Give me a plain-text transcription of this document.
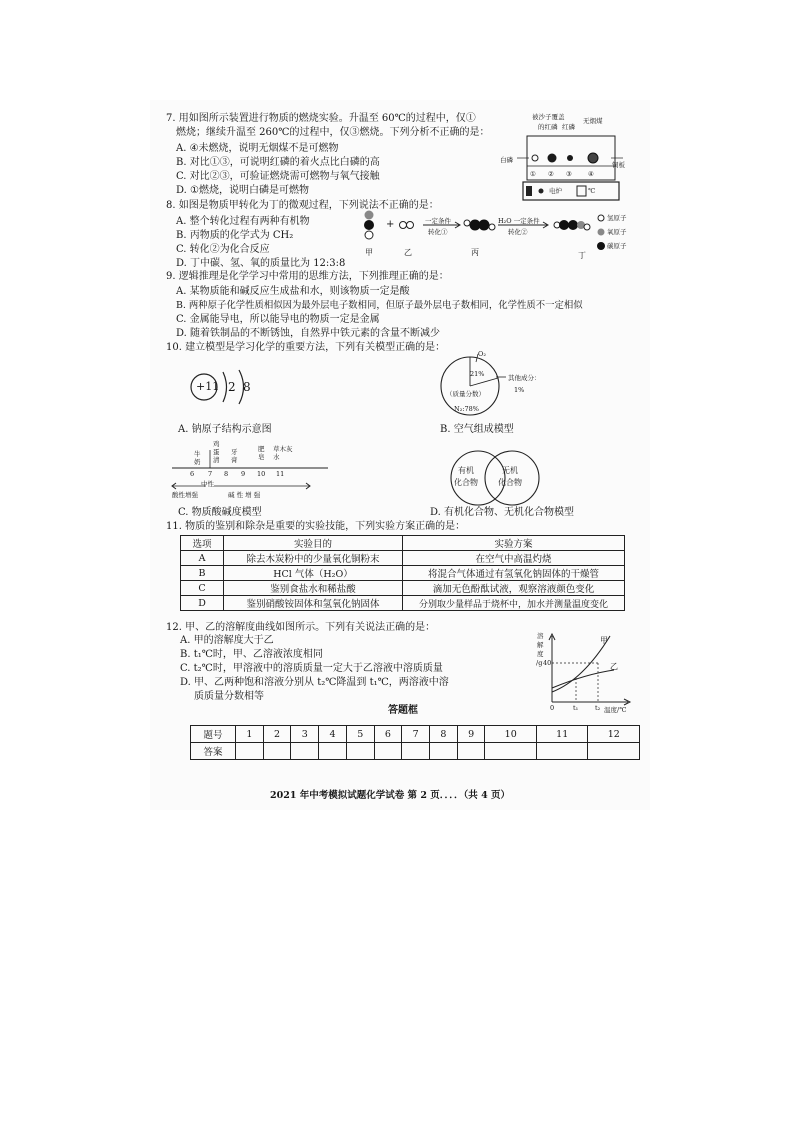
7. 用如图所示装置进行物质的燃烧实验。升温至 60℃的过程中，仅①
燃烧；继续升温至 260℃的过程中，仅③燃烧。下列分析不正确的是：
A. ④未燃烧，说明无烟煤不是可燃物
B. 对比①③，可说明红磷的着火点比白磷的高
C. 对比②③，可验证燃烧需可燃物与氧气接触
D. ①燃烧，说明白磷是可燃物
被沙子覆盖
的红磷 红磷
无烟煤
白磷
铜板
① ② ③ ④
电炉	℃
8. 如图是物质甲转化为丁的微观过程，下列说法不正确的是：
A. 整个转化过程有两种有机物
B. 丙物质的化学式为 CH₂
C. 转化②为化合反应
D. 丁中碳、氢、氧的质量比为 12:3:8
+	一定条件
转化①
H₂O 一定条件
转化②
甲	乙	丙	丁
氢原子
氧原子
碳原子
9. 逻辑推理是化学学习中常用的思维方法，下列推理正确的是：
A. 某物质能和碱反应生成盐和水，则该物质一定是酸
B. 两种原子化学性质相似因为最外层电子数相同，但原子最外层电子数相同，化学性质不一定相似
C. 金属能导电，所以能导电的物质一定是金属
D. 随着铁制品的不断锈蚀，自然界中铁元素的含量不断减少
10. 建立模型是学习化学的重要方法，下列有关模型正确的是：
+11 2 8
O₂
21%
（质量分数）
N₂:78%
其他成分：
1%
A. 钠原子结构示意图	B. 空气组成模型
牛奶
鸡蛋清
牙膏
肥皂
草木灰水
6 7 8 9 10 11
中性
酸性增强	碱 性 增 强
有机
化合物
无机
化合物
C. 物质酸碱度模型	D. 有机化合物、无机化合物模型
11. 物质的鉴别和除杂是重要的实验技能，下列实验方案正确的是：
选项	实验目的	实验方案
A	除去木炭粉中的少量氧化铜粉末	在空气中高温灼烧
B	HCl 气体（H₂O）	将混合气体通过有氢氧化钠固体的干燥管
C	鉴别食盐水和稀盐酸	滴加无色酚酞试液，观察溶液颜色变化
D	鉴别硝酸铵固体和氢氧化钠固体	分别取少量样品于烧杯中，加水并测量温度变化
12. 甲、乙的溶解度曲线如图所示。下列有关说法正确的是：
A. 甲的溶解度大于乙
B. t₁℃时，甲、乙溶液浓度相同
C. t₂℃时，甲溶液中的溶质质量一定大于乙溶液中溶质质量
D. 甲、乙两种饱和溶液分别从 t₂℃降温到 t₁℃，两溶液中溶
质质量分数相等
溶
解
度
/g 40
0	t₁	t₂ 温度/℃
甲
乙
答题框
题号	1	2	3	4	5	6	7	8	9	10	11	12
答案												
2021 年中考模拟试题化学试卷 第 2 页．．．．（共 4 页）
